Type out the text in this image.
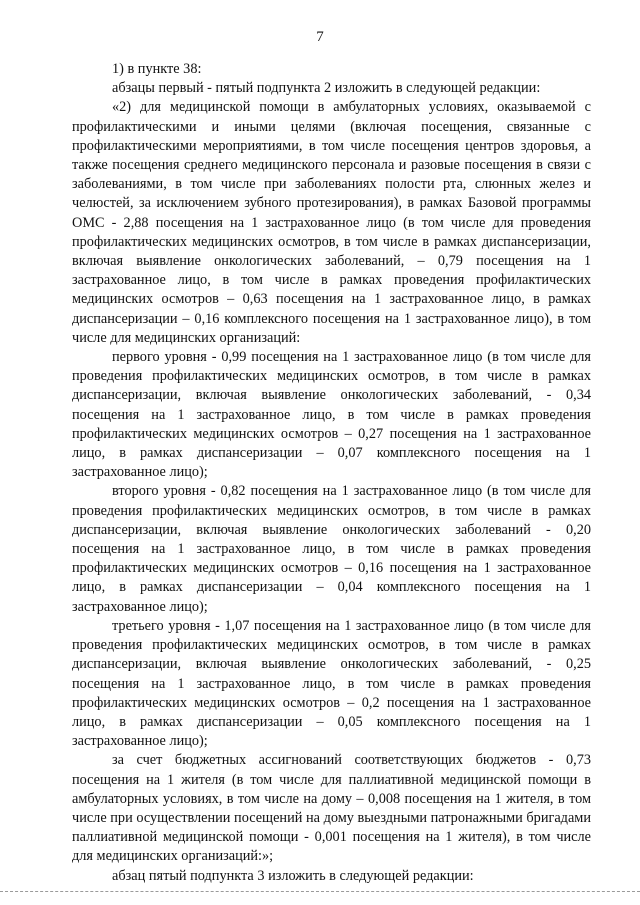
7

1) в пункте 38:

абзацы первый - пятый подпункта 2 изложить в следующей редакции:

«2) для медицинской помощи в амбулаторных условиях, оказываемой с профилактическими и иными целями (включая посещения, связанные с профилактическими мероприятиями, в том числе посещения центров здоровья, а также посещения среднего медицинского персонала и разовые посещения в связи с заболеваниями, в том числе при заболеваниях полости рта, слюнных желез и челюстей, за исключением зубного протезирования), в рамках Базовой программы ОМС - 2,88 посещения на 1 застрахованное лицо (в том числе для проведения профилактических медицинских осмотров, в том числе в рамках диспансеризации, включая выявление онкологических заболеваний, – 0,79 посещения на 1 застрахованное лицо, в том числе в рамках проведения профилактических медицинских осмотров – 0,63 посещения на 1 застрахованное лицо, в рамках диспансеризации – 0,16 комплексного посещения на 1 застрахованное лицо), в том числе для медицинских организаций:

первого уровня - 0,99 посещения на 1 застрахованное лицо (в том числе для проведения профилактических медицинских осмотров, в том числе в рамках диспансеризации, включая выявление онкологических заболеваний, - 0,34 посещения на 1 застрахованное лицо, в том числе в рамках проведения профилактических медицинских осмотров – 0,27 посещения на 1 застрахованное лицо, в рамках диспансеризации – 0,07 комплексного посещения на 1 застрахованное лицо);

второго уровня - 0,82 посещения на 1 застрахованное лицо (в том числе для проведения профилактических медицинских осмотров, в том числе в рамках диспансеризации, включая выявление онкологических заболеваний - 0,20 посещения на 1 застрахованное лицо, в том числе в рамках проведения профилактических медицинских осмотров – 0,16 посещения на 1 застрахованное лицо, в рамках диспансеризации – 0,04 комплексного посещения на 1 застрахованное лицо);

третьего уровня - 1,07 посещения на 1 застрахованное лицо (в том числе для проведения профилактических медицинских осмотров, в том числе в рамках диспансеризации, включая выявление онкологических заболеваний, - 0,25 посещения на 1 застрахованное лицо, в том числе в рамках проведения профилактических медицинских осмотров – 0,2 посещения на 1 застрахованное лицо, в рамках диспансеризации – 0,05 комплексного посещения на 1 застрахованное лицо);

за счет бюджетных ассигнований соответствующих бюджетов - 0,73 посещения на 1 жителя (в том числе для паллиативной медицинской помощи в амбулаторных условиях, в том числе на дому – 0,008 посещения на 1 жителя, в том числе при осуществлении посещений на дому выездными патронажными бригадами паллиативной медицинской помощи - 0,001 посещения на 1 жителя), в том числе для медицинских организаций:»;

абзац пятый подпункта 3 изложить в следующей редакции:
